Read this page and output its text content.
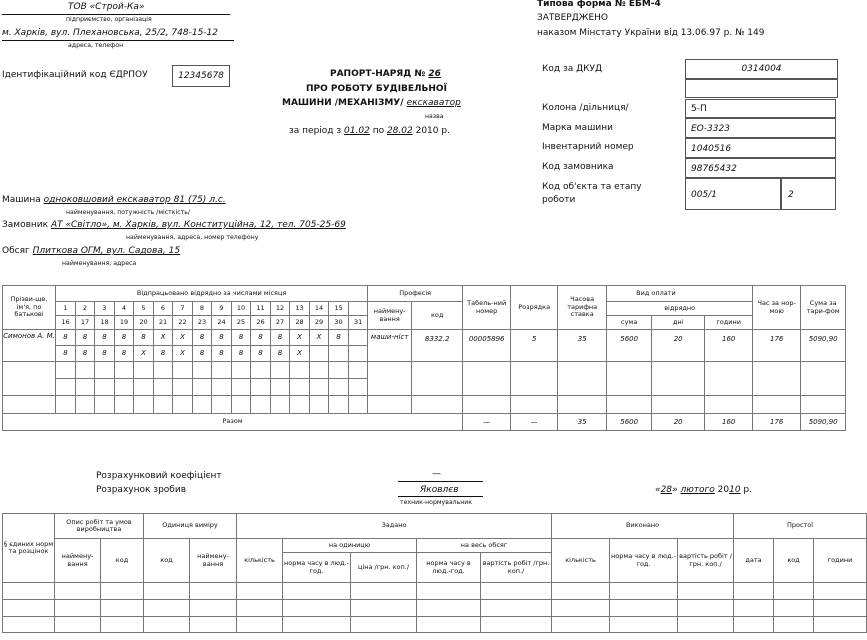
ТОВ «Строй-Ка»
підприємство, організація
м. Харків, вул. Плехановська, 25/2, 748-15-12
адреса, телефон
Ідентифікаційний код ЄДРПОУ	12345678
Типова форма № ЕБМ-4
ЗАТВЕРДЖЕНО
наказом Мінстату України від 13.06.97 р. № 149
РАПОРТ-НАРЯД № 26
ПРО РОБОТУ БУДІВЕЛЬНОЇ
МАШИНИ /МЕХАНІЗМУ/ екскаватор
назва
за період з 01.02 по 28.02 2010 р.
Код за ДКУД	0314004
Колона /дільниця/	5-П
Марка машини	ЕО-3323
Інвентарний номер	1040516
Код замовника	98765432
Код об'єкта та етапу роботи	005/1	2
Машина одноковшовий екскаватор 81 (75) л.с.
найменування, потужність /місткість/
Замовник АТ «Світло», м. Харків, вул. Конституційна, 12, тел. 705-25-69
найменування, адреса, номер телефону
Обсяг Плиткова ОГМ, вул. Садова, 15
найменування, адреса
Прізви-ще, ім'я, по батькові	Відпрацьовано відрядно за числами місяця																Професія		Табель-ний номер	Розрядка	Часова тарифна ставка	Вид оплати			Час за нор-мою	Сума за тари-фом
	1	2	3	4	5	6	7	8	9	10	11	12	13	14	15		наймену-вання	код				відрядно				
	16	17	18	19	20	21	22	23	24	25	26	27	28	29	30	31						сума	дні	години		

Симонов А. М.	8	8	8	8	8	Х	Х	8	8	8	8	8	Х	Х	8		маши-ніст	8332.2	00005896	5	35	5600	20	160	176	5090,90
	8	8	8	8	Х	8	Х	8	8	8	8	8	Х													

Разом																			—	—	35	5600	20	160	176	5090,90
Розрахунковий коефіцієнт	—
Розрахунок зробив	Яковлєв
техник-нормувальник
«28» лютого 2010 р.
§ єдиних норм та розцінок	Опис робіт та умов виробництва		Одиниця виміру		Задано					Виконано			Простої		
	наймену-вання	код	код	наймену-вання	кількість	на одиницю		на весь обсяг		кількість	норма часу в люд.-год.	вартість робіт /грн. коп./	дата	код	години
						норма часу в люд.-год.	ціна /грн. коп./	норма часу в люд.-год.	вартість робіт /грн. коп./						
